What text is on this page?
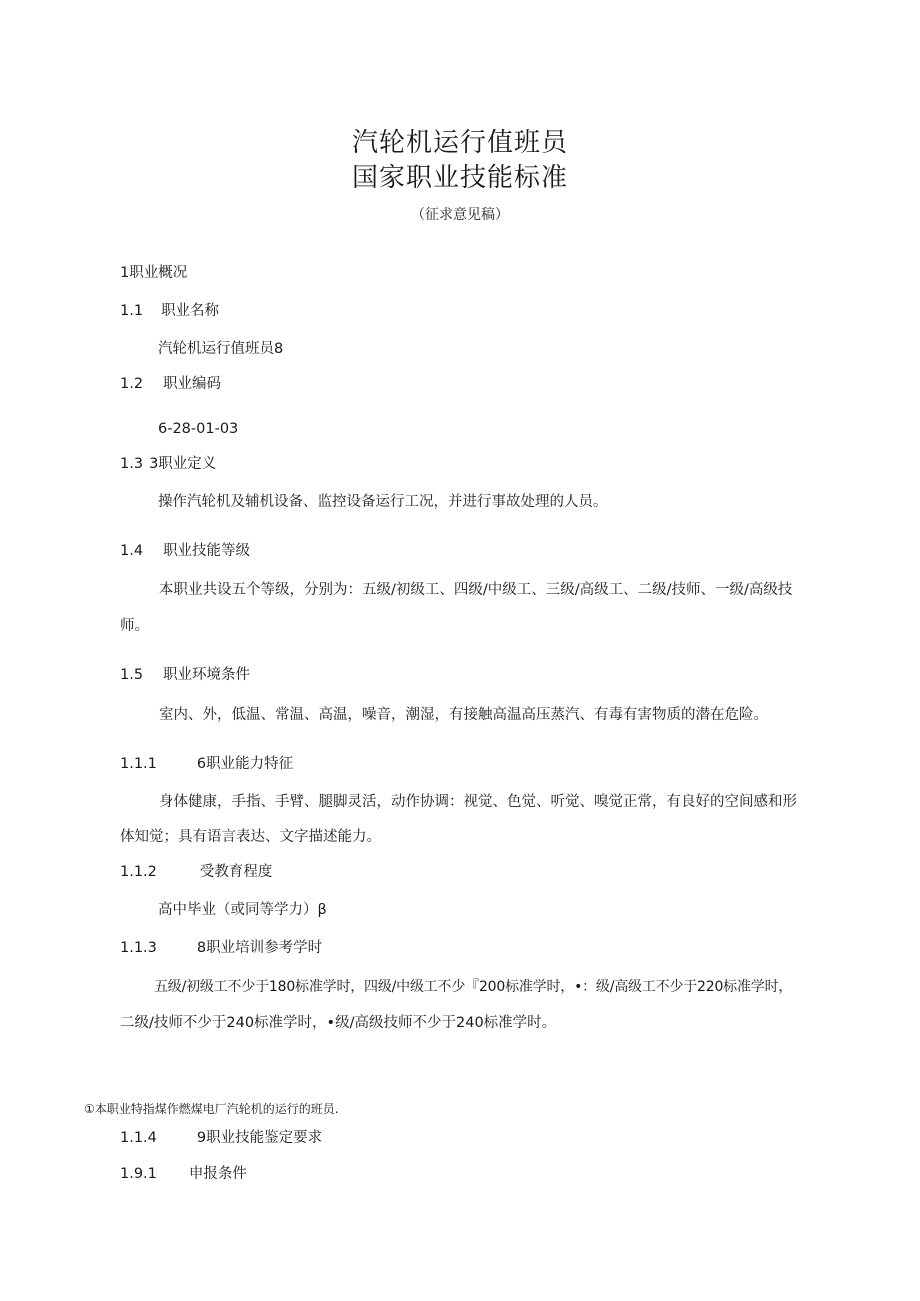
汽轮机运行值班员
国家职业技能标准
（征求意见稿）
1职业概况
1.1 职业名称
汽轮机运行值班员8
1.2 职业编码
6-28-01-03
1.3 3职业定义
操作汽轮机及辅机设备、监控设备运行工况，并进行事故处理的人员。
1.4 职业技能等级
本职业共设五个等级，分别为：五级/初级工、四级/中级工、三级/高级工、二级/技师、一级/高级技
师。
1.5 职业环境条件
室内、外，低温、常温、高温，噪音，潮湿，有接触高温高压蒸汽、有毒有害物质的潜在危险。
1.1.1	6职业能力特征
身体健康，手指、手臂、腿脚灵活，动作协调：视觉、色觉、听觉、嗅觉正常，有良好的空间感和形
体知觉；具有语言表达、文字描述能力。
1.1.2	受教育程度
高中毕业（或同等学力）β
1.1.3	8职业培训参考学时
五级/初级工不少于180标准学时，四级/中级工不少『200标准学时，•：级/高级工不少于220标准学时，
二级/技师不少于240标准学时，•级/高级技师不少于240标准学时。
①本职业特指煤作燃煤电厂汽轮机的运行的班员.
1.1.4	9职业技能鉴定要求
1.9.1 申报条件
